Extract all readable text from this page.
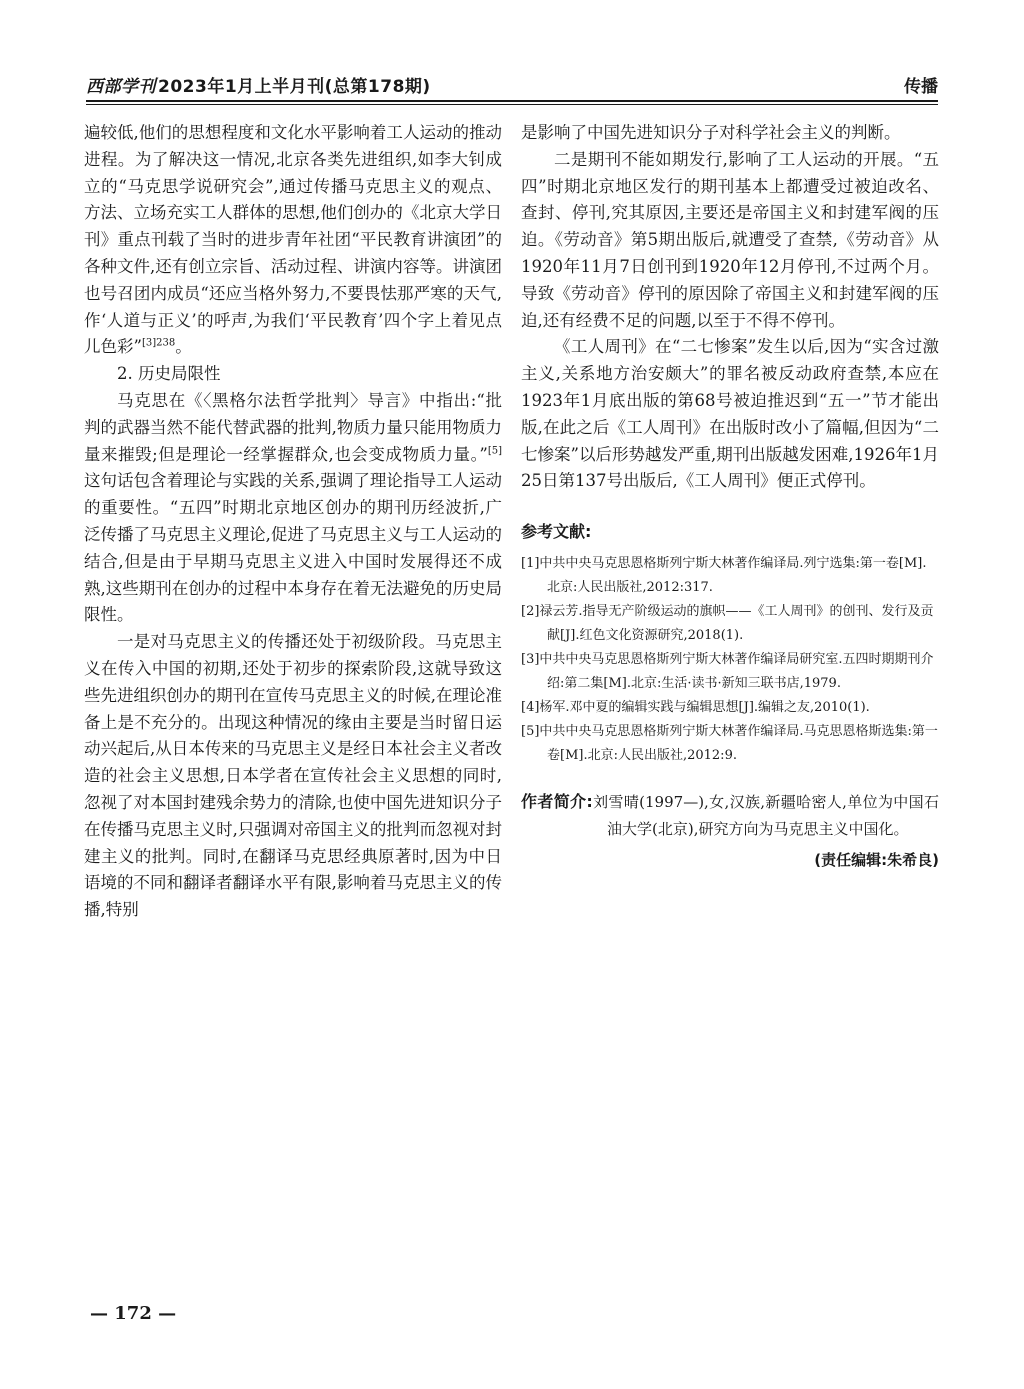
西部学刊 2023年1月上半月刊(总第178期)	传播

遍较低,他们的思想程度和文化水平影响着工人运动的推动进程。为了解决这一情况,北京各类先进组织,如李大钊成立的“马克思学说研究会”,通过传播马克思主义的观点、方法、立场充实工人群体的思想,他们创办的《北京大学日刊》重点刊载了当时的进步青年社团“平民教育讲演团”的各种文件,还有创立宗旨、活动过程、讲演内容等。讲演团也号召团内成员“还应当格外努力,不要畏怯那严寒的天气,作‘人道与正义’的呼声,为我们‘平民教育’四个字上着见点儿色彩”$^{[3]238}$。

2. 历史局限性

马克思在《〈黑格尔法哲学批判〉导言》中指出:“批判的武器当然不能代替武器的批判,物质力量只能用物质力量来摧毁;但是理论一经掌握群众,也会变成物质力量。”[5]这句话包含着理论与实践的关系,强调了理论指导工人运动的重要性。“五四”时期北京地区创办的期刊历经波折,广泛传播了马克思主义理论,促进了马克思主义与工人运动的结合,但是由于早期马克思主义进入中国时发展得还不成熟,这些期刊在创办的过程中本身存在着无法避免的历史局限性。

一是对马克思主义的传播还处于初级阶段。马克思主义在传入中国的初期,还处于初步的探索阶段,这就导致这些先进组织创办的期刊在宣传马克思主义的时候,在理论准备上是不充分的。出现这种情况的缘由主要是当时留日运动兴起后,从日本传来的马克思主义是经日本社会主义者改造的社会主义思想,日本学者在宣传社会主义思想的同时,忽视了对本国封建残余势力的清除,也使中国先进知识分子在传播马克思主义时,只强调对帝国主义的批判而忽视对封建主义的批判。同时,在翻译马克思经典原著时,因为中日语境的不同和翻译者翻译水平有限,影响着马克思主义的传播,特别

是影响了中国先进知识分子对科学社会主义的判断。

二是期刊不能如期发行,影响了工人运动的开展。“五四”时期北京地区发行的期刊基本上都遭受过被迫改名、查封、停刊,究其原因,主要还是帝国主义和封建军阀的压迫。《劳动音》第5期出版后,就遭受了查禁,《劳动音》从1920年11月7日创刊到1920年12月停刊,不过两个月。导致《劳动音》停刊的原因除了帝国主义和封建军阀的压迫,还有经费不足的问题,以至于不得不停刊。

《工人周刊》在“二七惨案”发生以后,因为“实含过激主义,关系地方治安颇大”的罪名被反动政府查禁,本应在1923年1月底出版的第68号被迫推迟到“五一”节才能出版,在此之后《工人周刊》在出版时改小了篇幅,但因为“二七惨案”以后形势越发严重,期刊出版越发困难,1926年1月25日第137号出版后,《工人周刊》便正式停刊。

参考文献:
[1]中共中央马克思恩格斯列宁斯大林著作编译局.列宁选集:第一卷[M].北京:人民出版社,2012:317.
[2]禄云芳.指导无产阶级运动的旗帜——《工人周刊》的创刊、发行及贡献[J].红色文化资源研究,2018(1).
[3]中共中央马克思恩格斯列宁斯大林著作编译局研究室.五四时期期刊介绍:第二集[M].北京:生活·读书·新知三联书店,1979.
[4]杨军.邓中夏的编辑实践与编辑思想[J].编辑之友,2010(1).
[5]中共中央马克思恩格斯列宁斯大林著作编译局.马克思恩格斯选集:第一卷[M].北京:人民出版社,2012:9.
作者简介:刘雪晴(1997—),女,汉族,新疆哈密人,单位为中国石油大学(北京),研究方向为马克思主义中国化。
(责任编辑:朱希良)
— 172 —
